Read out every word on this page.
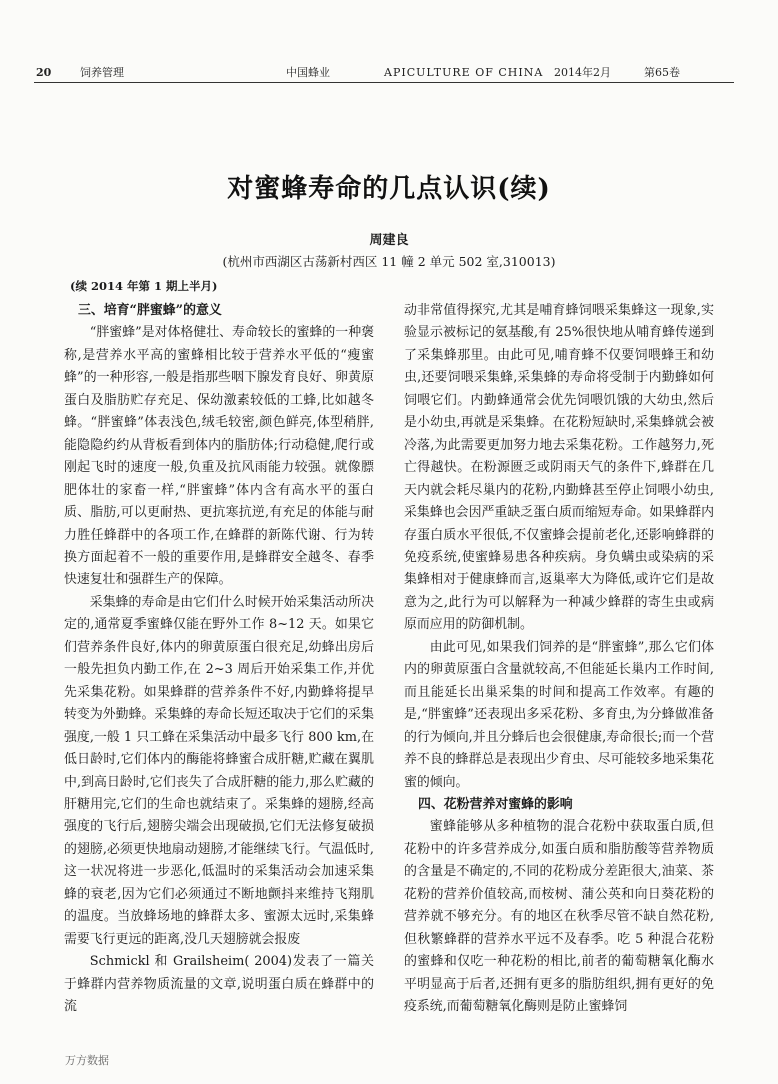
20	饲养管理	中国蜂业	APICULTURE OF CHINA 2014年2月	第65卷
对蜜蜂寿命的几点认识(续)
周建良
(杭州市西湖区古荡新村西区 11 幢 2 单元 502 室,310013)
(续 2014 年第 1 期上半月)

三、培育“胖蜜蜂”的意义

“胖蜜蜂”是对体格健壮、寿命较长的蜜蜂的一种褒称,是营养水平高的蜜蜂相比较于营养水平低的“瘦蜜蜂”的一种形容,一般是指那些咽下腺发育良好、卵黄原蛋白及脂肪贮存充足、保幼激素较低的工蜂,比如越冬蜂。“胖蜜蜂”体表浅色,绒毛较密,颜色鲜亮,体型稍胖,能隐隐约约从背板看到体内的脂肪体;行动稳健,爬行或刚起飞时的速度一般,负重及抗风雨能力较强。就像膘肥体壮的家畜一样,“胖蜜蜂”体内含有高水平的蛋白质、脂肪,可以更耐热、更抗寒抗逆,有充足的体能与耐力胜任蜂群中的各项工作,在蜂群的新陈代谢、行为转换方面起着不一般的重要作用,是蜂群安全越冬、春季快速复壮和强群生产的保障。

采集蜂的寿命是由它们什么时候开始采集活动所决定的,通常夏季蜜蜂仅能在野外工作 8~12 天。如果它们营养条件良好,体内的卵黄原蛋白很充足,幼蜂出房后一般先担负内勤工作,在 2~3 周后开始采集工作,并优先采集花粉。如果蜂群的营养条件不好,内勤蜂将提早转变为外勤蜂。采集蜂的寿命长短还取决于它们的采集强度,一般 1 只工蜂在采集活动中最多飞行 800 km,在低日龄时,它们体内的酶能将蜂蜜合成肝糖,贮藏在翼肌中,到高日龄时,它们丧失了合成肝糖的能力,那么贮藏的肝糖用完,它们的生命也就结束了。采集蜂的翅膀,经高强度的飞行后,翅膀尖端会出现破损,它们无法修复破损的翅膀,必须更快地扇动翅膀,才能继续飞行。气温低时,这一状况将进一步恶化,低温时的采集活动会加速采集蜂的衰老,因为它们必须通过不断地颤抖来维持飞翔肌的温度。当放蜂场地的蜂群太多、蜜源太远时,采集蜂需要飞行更远的距离,没几天翅膀就会报废

Schmickl 和 Grailsheim( 2004)发表了一篇关于蜂群内营养物质流量的文章,说明蛋白质在蜂群中的流

动非常值得探究,尤其是哺育蜂饲喂采集蜂这一现象,实验显示被标记的氨基酸,有 25%很快地从哺育蜂传递到了采集蜂那里。由此可见,哺育蜂不仅要饲喂蜂王和幼虫,还要饲喂采集蜂,采集蜂的寿命将受制于内勤蜂如何饲喂它们。内勤蜂通常会优先饲喂饥饿的大幼虫,然后是小幼虫,再就是采集蜂。在花粉短缺时,采集蜂就会被冷落,为此需要更加努力地去采集花粉。工作越努力,死亡得越快。在粉源匮乏或阴雨天气的条件下,蜂群在几天内就会耗尽巢内的花粉,内勤蜂甚至停止饲喂小幼虫,采集蜂也会因严重缺乏蛋白质而缩短寿命。如果蜂群内存蛋白质水平很低,不仅蜜蜂会提前老化,还影响蜂群的免疫系统,使蜜蜂易患各种疾病。身负螨虫或染病的采集蜂相对于健康蜂而言,返巢率大为降低,或许它们是故意为之,此行为可以解释为一种减少蜂群的寄生虫或病原而应用的防御机制。

由此可见,如果我们饲养的是“胖蜜蜂”,那么它们体内的卵黄原蛋白含量就较高,不但能延长巢内工作时间,而且能延长出巢采集的时间和提高工作效率。有趣的是,“胖蜜蜂”还表现出多采花粉、多育虫,为分蜂做准备的行为倾向,并且分蜂后也会很健康,寿命很长;而一个营养不良的蜂群总是表现出少育虫、尽可能较多地采集花蜜的倾向。

四、花粉营养对蜜蜂的影响

蜜蜂能够从多种植物的混合花粉中获取蛋白质,但花粉中的许多营养成分,如蛋白质和脂肪酸等营养物质的含量是不确定的,不同的花粉成分差距很大,油菜、茶花粉的营养价值较高,而桉树、蒲公英和向日葵花粉的营养就不够充分。有的地区在秋季尽管不缺自然花粉,但秋繁蜂群的营养水平远不及春季。吃 5 种混合花粉的蜜蜂和仅吃一种花粉的相比,前者的葡萄糖氧化酶水平明显高于后者,还拥有更多的脂肪组织,拥有更好的免疫系统,而葡萄糖氧化酶则是防止蜜蜂饲

万方数据
